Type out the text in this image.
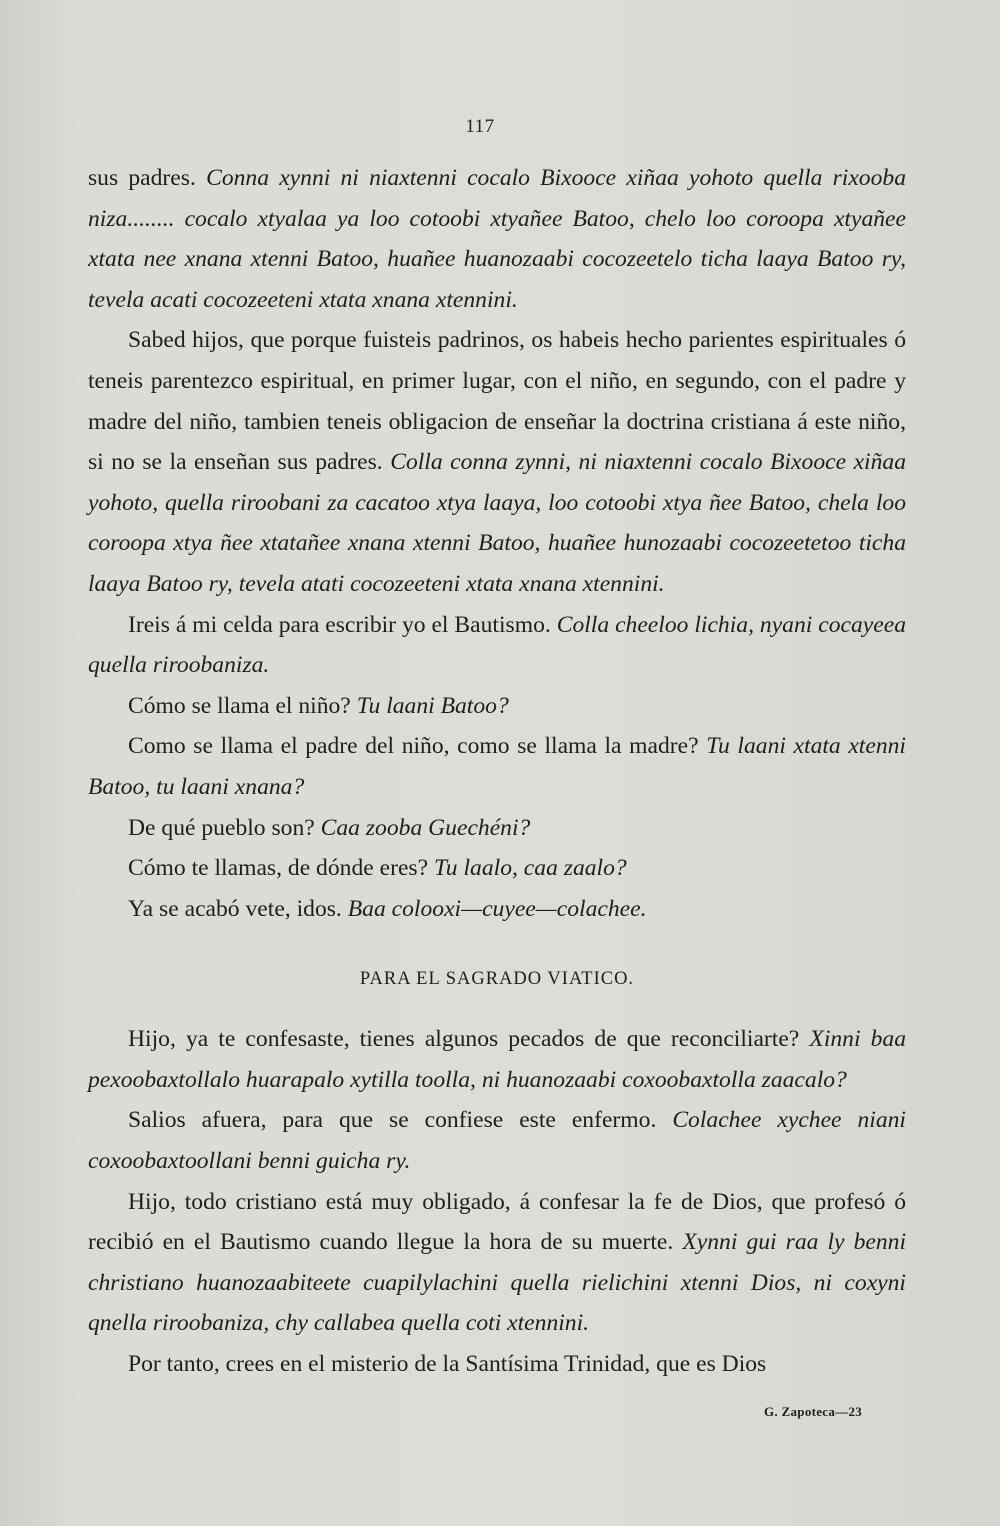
117

sus padres. Conna xynni ni niaxtenni cocalo Bixooce xiñaa yohoto quella rixooba niza........ cocalo xtyalaa ya loo cotoobi xtyañee Batoo, chelo loo coroopa xtyañee xtata nee xnana xtenni Batoo, huañee huanozaabi cocozeetelo ticha laaya Batoo ry, tevela acati cocozeeteni xtata xnana xtennini.

Sabed hijos, que porque fuisteis padrinos, os habeis hecho parientes espirituales ó teneis parentezco espiritual, en primer lugar, con el niño, en segundo, con el padre y madre del niño, tambien teneis obligacion de enseñar la doctrina cristiana á este niño, si no se la enseñan sus padres. Colla conna zynni, ni niaxtenni cocalo Bixooce xiñaa yohoto, quella riroobani za cacatoo xtya laaya, loo cotoobi xtya ñee Batoo, chela loo coroopa xtya ñee xtatañee xnana xtenni Batoo, huañee hunozaabi cocozeetetoo ticha laaya Batoo ry, tevela atati cocozeeteni xtata xnana xtennini.

Ireis á mi celda para escribir yo el Bautismo. Colla cheeloo lichia, nyani cocayeea quella riroobaniza.

Cómo se llama el niño? Tu laani Batoo?

Como se llama el padre del niño, como se llama la madre? Tu laani xtata xtenni Batoo, tu laani xnana?

De qué pueblo son? Caa zooba Guechéni?

Cómo te llamas, de dónde eres? Tu laalo, caa zaalo?

Ya se acabó vete, idos. Baa colooxi—cuyee—colachee.

PARA EL SAGRADO VIATICO.

Hijo, ya te confesaste, tienes algunos pecados de que reconciliarte? Xinni baa pexoobaxtollalo huarapalo xytilla toolla, ni huanozaabi coxoobaxtolla zaacalo?

Salios afuera, para que se confiese este enfermo. Colachee xychee niani coxoobaxtoollani benni guicha ry.

Hijo, todo cristiano está muy obligado, á confesar la fe de Dios, que profesó ó recibió en el Bautismo cuando llegue la hora de su muerte. Xynni gui raa ly benni christiano huanozaabiteete cuapilylachini quella rielichini xtenni Dios, ni coxyni qnella riroobaniza, chy callabea quella coti xtennini.

Por tanto, crees en el misterio de la Santísima Trinidad, que es Dios

G. Zapoteca—23
